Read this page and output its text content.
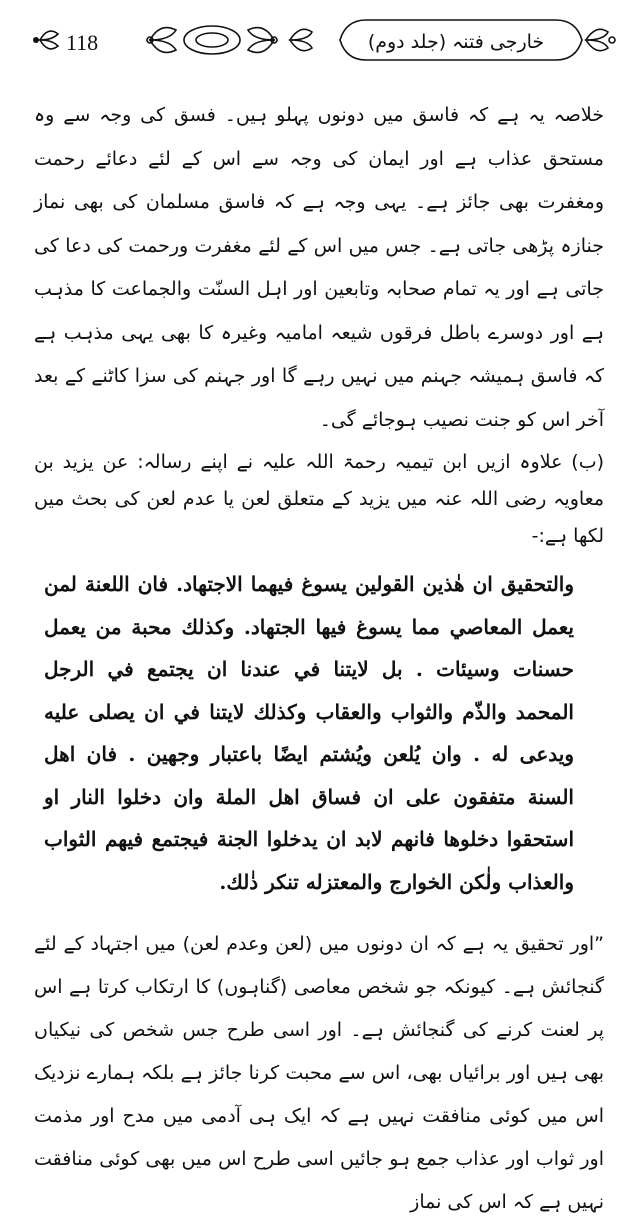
118	خارجی فتنہ (جلد دوم)

خلاصہ یہ ہے کہ فاسق میں دونوں پہلو ہیں۔ فسق کی وجہ سے وہ مستحق عذاب ہے اور ایمان کی وجہ سے اس کے لئے دعائے رحمت ومغفرت بھی جائز ہے۔ یہی وجہ ہے کہ فاسق مسلمان کی بھی نماز جنازہ پڑھی جاتی ہے۔ جس میں اس کے لئے مغفرت ورحمت کی دعا کی جاتی ہے اور یہ تمام صحابہ وتابعین اور اہل السنّت والجماعت کا مذہب ہے اور دوسرے باطل فرقوں شیعہ امامیہ وغیرہ کا بھی یہی مذہب ہے کہ فاسق ہمیشہ جہنم میں نہیں رہے گا اور جہنم کی سزا کاٹنے کے بعد آخر اس کو جنت نصیب ہوجائے گی۔

(ب) علاوہ ازیں ابن تیمیہ رحمۃ اللہ علیہ نے اپنے رسالہ: عن یزید بن معاویہ رضی اللہ عنہ میں یزید کے متعلق لعن یا عدم لعن کی بحث میں لکھا ہے:-

والتحقيق ان هٰذين القولين يسوغ فيهما الاجتهاد. فان اللعنة لمن يعمل المعاصي مما يسوغ فيها الجتهاد. وكذلك محبة من يعمل حسنات وسيئات . بل لايتنا في عندنا ان يجتمع في الرجل المحمد والذّم والثواب والعقاب وكذلك لايتنا في ان يصلى عليه ويدعى له . وان يُلعن ويُشتم ايضًا باعتبار وجهين . فان اهل السنة متفقون على ان فساق اهل الملة وان دخلوا النار او استحقوا دخلوها فانهم لابد ان يدخلوا الجنة فيجتمع فيهم الثواب والعذاب ولٰكن الخوارج والمعتزله تنكر ذٰلك.

”اور تحقیق یہ ہے کہ ان دونوں میں (لعن وعدم لعن) میں اجتہاد کے لئے گنجائش ہے۔ کیونکہ جو شخص معاصی (گناہوں) کا ارتکاب کرتا ہے اس پر لعنت کرنے کی گنجائش ہے۔ اور اسی طرح جس شخص کی نیکیاں بھی ہیں اور برائیاں بھی، اس سے محبت کرنا جائز ہے بلکہ ہمارے نزدیک اس میں کوئی منافقت نہیں ہے کہ ایک ہی آدمی میں مدح اور مذمت اور ثواب اور عذاب جمع ہو جائیں اسی طرح اس میں بھی کوئی منافقت نہیں ہے کہ اس کی نماز
